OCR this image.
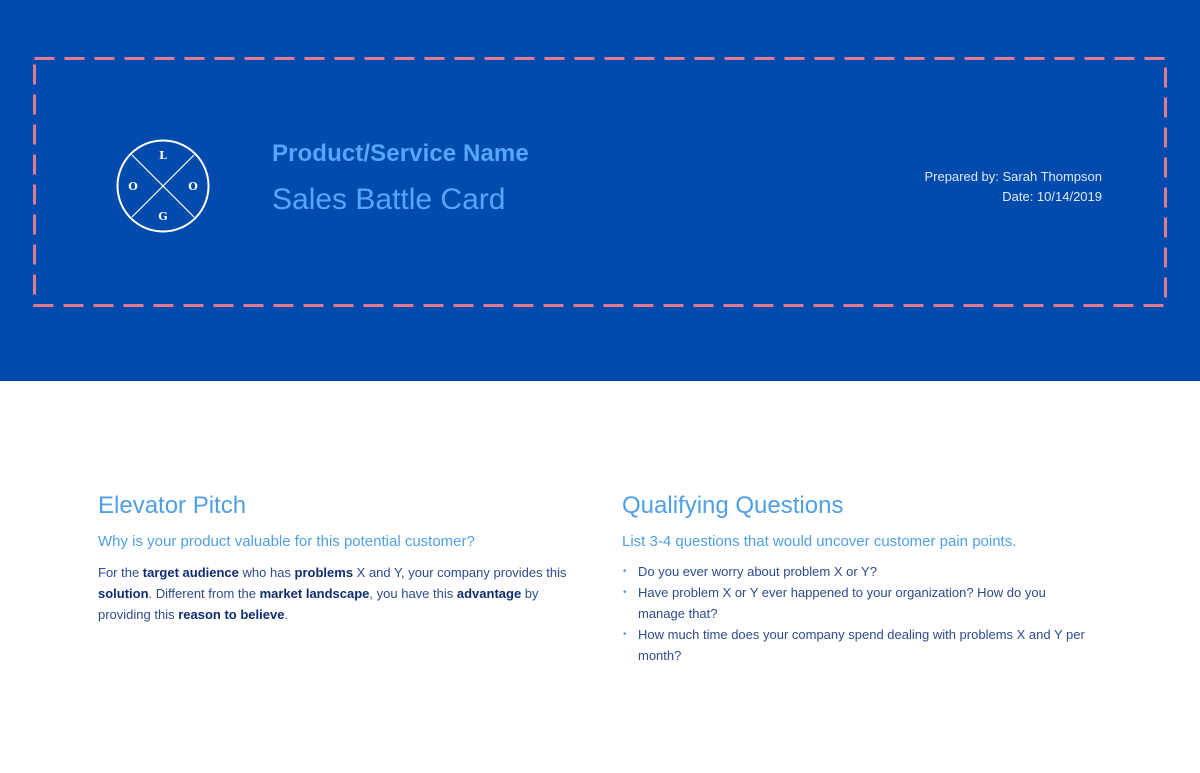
L
O	O
G
Product/Service Name
Sales Battle Card
Prepared by: Sarah Thompson
Date: 10/14/2019
Elevator Pitch
Why is your product valuable for this potential customer?

For the target audience who has problems X and Y, your company provides this solution. Different from the market landscape, you have this advantage by providing this reason to believe.

Qualifying Questions
List 3-4 questions that would uncover customer pain points.
• Do you ever worry about problem X or Y?
• Have problem X or Y ever happened to your organization? How do you manage that?
• How much time does your company spend dealing with problems X and Y per month?
